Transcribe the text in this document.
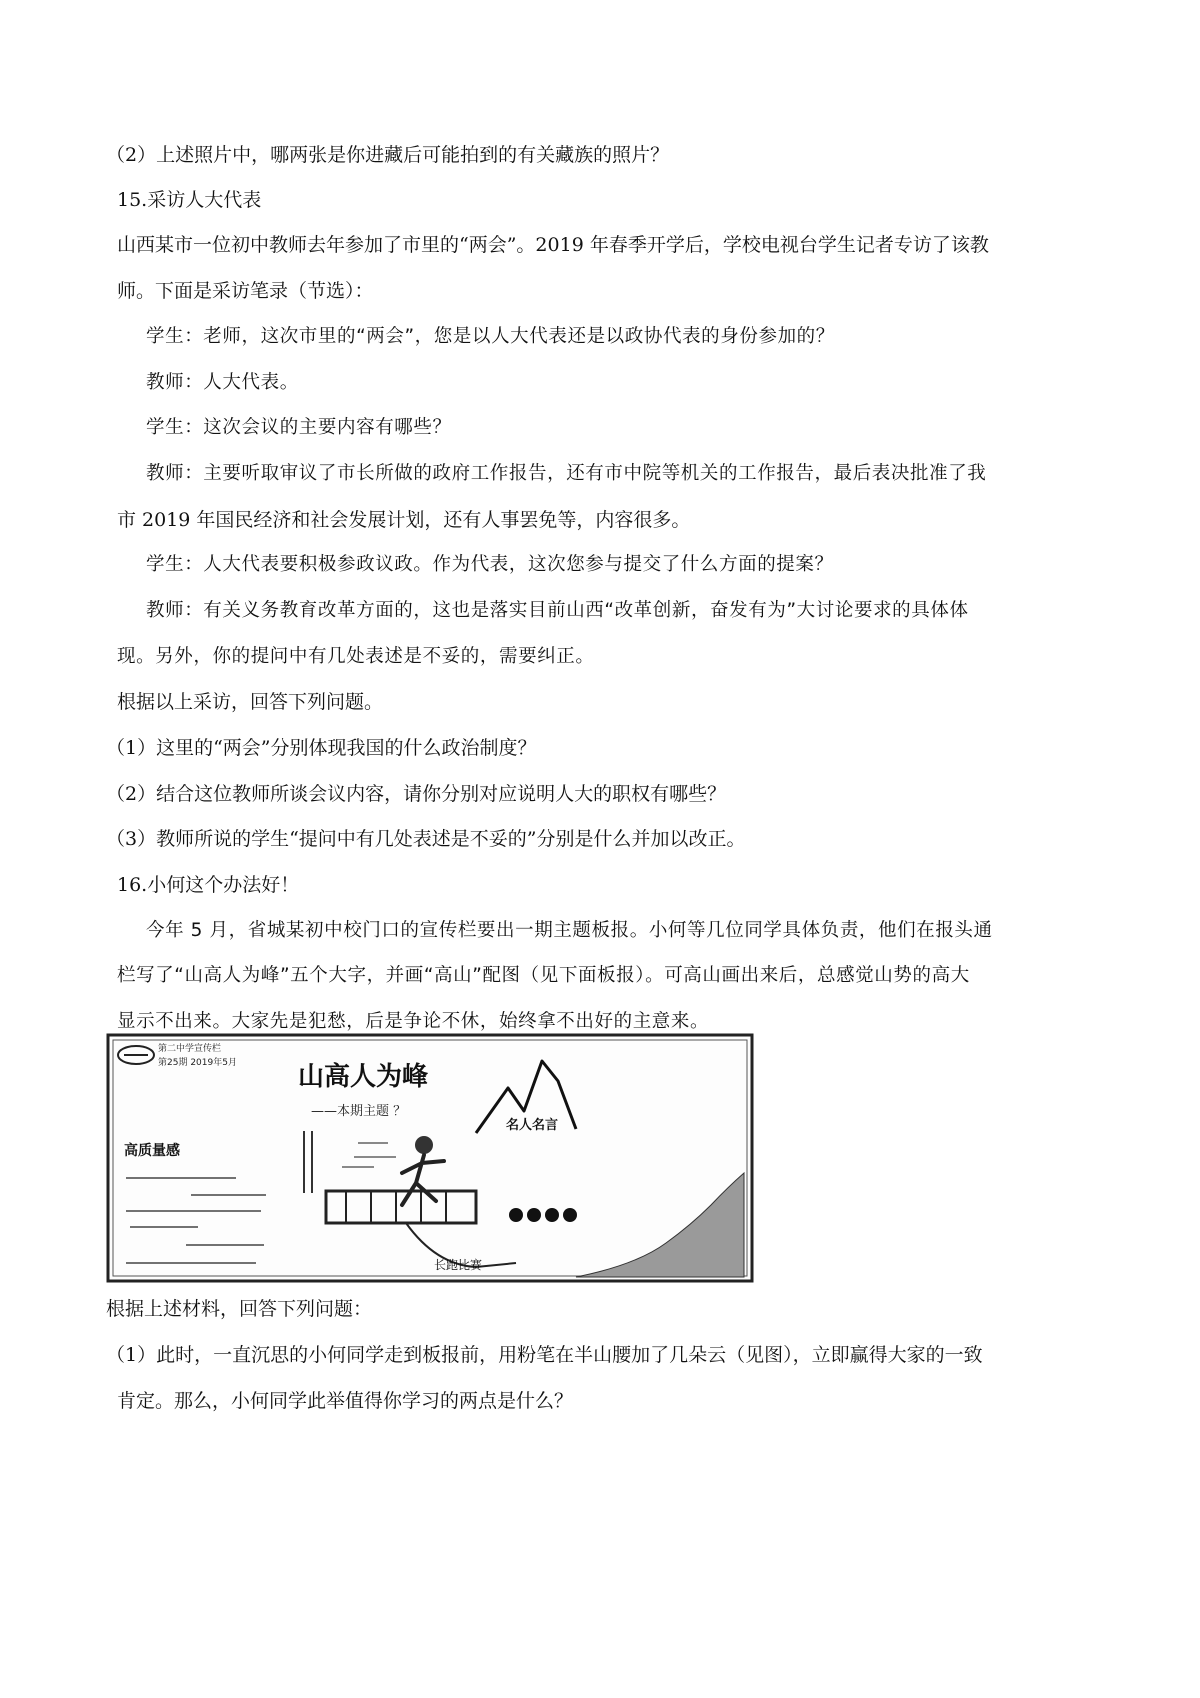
（2）上述照片中，哪两张是你进藏后可能拍到的有关藏族的照片？
15.采访人大代表
山西某市一位初中教师去年参加了市里的“两会”。2019 年春季开学后，学校电视台学生记者专访了该教
师。下面是采访笔录（节选）：
学生：老师，这次市里的“两会”，您是以人大代表还是以政协代表的身份参加的？
教师：人大代表。
学生：这次会议的主要内容有哪些？
教师：主要听取审议了市长所做的政府工作报告，还有市中院等机关的工作报告，最后表决批准了我
市 2019 年国民经济和社会发展计划，还有人事罢免等，内容很多。
学生：人大代表要积极参政议政。作为代表，这次您参与提交了什么方面的提案？
教师：有关义务教育改革方面的，这也是落实目前山西“改革创新，奋发有为”大讨论要求的具体体
现。另外，你的提问中有几处表述是不妥的，需要纠正。
根据以上采访，回答下列问题。
（1）这里的“两会”分别体现我国的什么政治制度？
（2）结合这位教师所谈会议内容，请你分别对应说明人大的职权有哪些？
（3）教师所说的学生“提问中有几处表述是不妥的”分别是什么并加以改正。
16.小何这个办法好！
今年 5 月，省城某初中校门口的宣传栏要出一期主题板报。小何等几位同学具体负责，他们在报头通
栏写了“山高人为峰”五个大字，并画“高山”配图（见下面板报）。可高山画出来后，总感觉山势的高大
显示不出来。大家先是犯愁，后是争论不休，始终拿不出好的主意来。
第二中学宣传栏
第25期 2019年5月 山高人为峰
——本期主题 ？
高质量感
长跑比赛
名人名言
根据上述材料，回答下列问题：
（1）此时，一直沉思的小何同学走到板报前，用粉笔在半山腰加了几朵云（见图），立即赢得大家的一致
肯定。那么，小何同学此举值得你学习的两点是什么？
